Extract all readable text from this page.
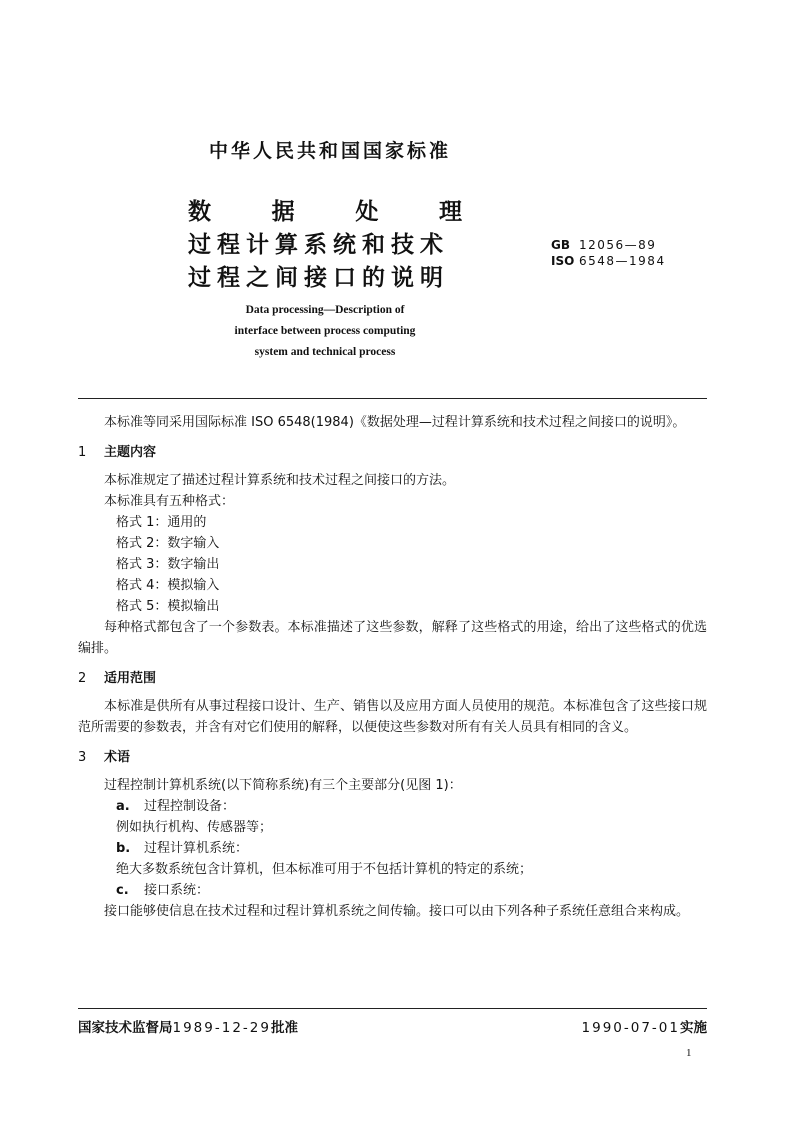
中华人民共和国国家标准
数	据	处	理
过程计算系统和技术
过程之间接口的说明
GB 12056—89
ISO 6548—1984
Data processing—Description of
interface between process computing
system and technical process

本标准等同采用国际标准 ISO 6548(1984)《数据处理—过程计算系统和技术过程之间接口的说明》。

1	主题内容

本标准规定了描述过程计算系统和技术过程之间接口的方法。

本标准具有五种格式：

格式 1：通用的

格式 2：数字输入

格式 3：数字输出

格式 4：模拟输入

格式 5：模拟输出

每种格式都包含了一个参数表。本标准描述了这些参数，解释了这些格式的用途，给出了这些格式的优选编排。

2	适用范围

本标准是供所有从事过程接口设计、生产、销售以及应用方面人员使用的规范。本标准包含了这些接口规范所需要的参数表，并含有对它们使用的解释，以便使这些参数对所有有关人员具有相同的含义。

3	术语

过程控制计算机系统(以下简称系统)有三个主要部分(见图 1)：

a.	过程控制设备：

例如执行机构、传感器等；

b.	过程计算机系统：

绝大多数系统包含计算机，但本标准可用于不包括计算机的特定的系统；

c.	接口系统：

接口能够使信息在技术过程和过程计算机系统之间传输。接口可以由下列各种子系统任意组合来构成。

国家技术监督局1989-12-29批准	1990-07-01实施
1
